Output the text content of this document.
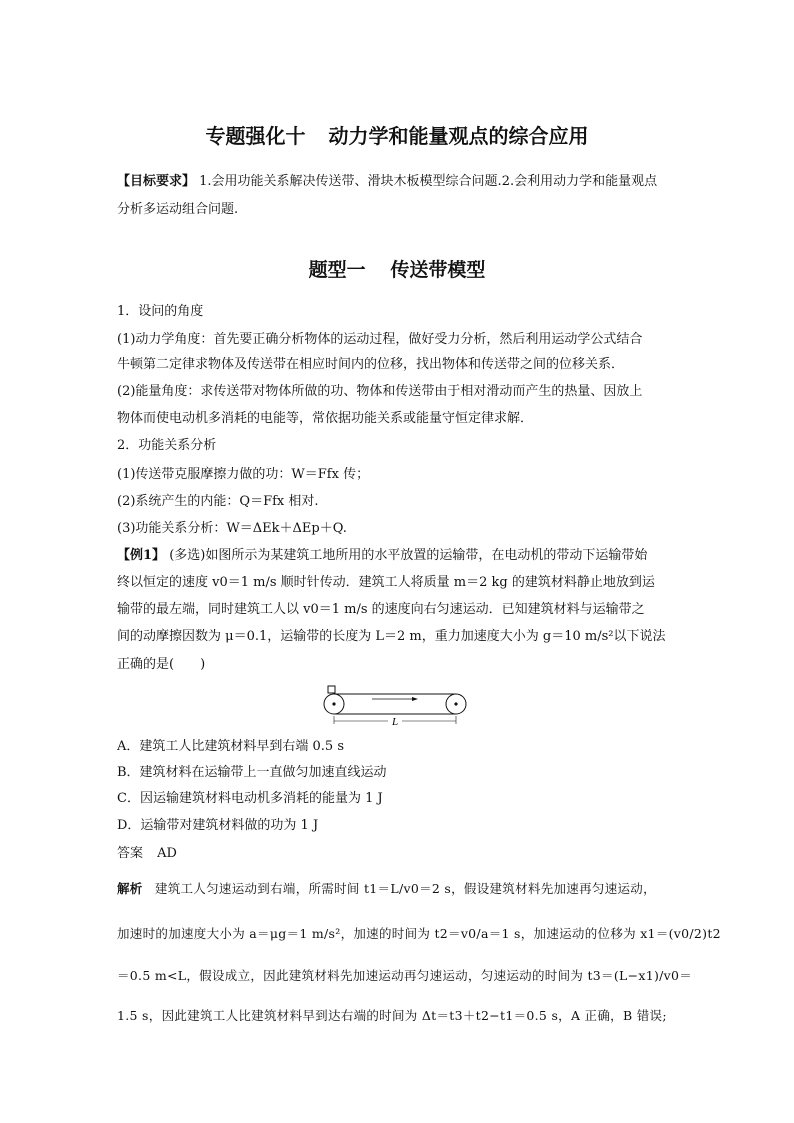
专题强化十 动力学和能量观点的综合应用
【目标要求】 1.会用功能关系解决传送带、滑块木板模型综合问题.2.会利用动力学和能量观点
分析多运动组合问题.
题型一 传送带模型
1．设问的角度
(1)动力学角度：首先要正确分析物体的运动过程，做好受力分析，然后利用运动学公式结合
牛顿第二定律求物体及传送带在相应时间内的位移，找出物体和传送带之间的位移关系．
(2)能量角度：求传送带对物体所做的功、物体和传送带由于相对滑动而产生的热量、因放上
物体而使电动机多消耗的电能等，常依据功能关系或能量守恒定律求解．
2．功能关系分析
(1)传送带克服摩擦力做的功：W＝Ffx 传；
(2)系统产生的内能：Q＝Ffx 相对.
(3)功能关系分析：W＝ΔEk＋ΔEp＋Q.
【例1】 (多选)如图所示为某建筑工地所用的水平放置的运输带，在电动机的带动下运输带始
终以恒定的速度 v0＝1 m/s 顺时针传动．建筑工人将质量 m＝2 kg 的建筑材料静止地放到运
输带的最左端，同时建筑工人以 v0＝1 m/s 的速度向右匀速运动．已知建筑材料与运输带之
间的动摩擦因数为 μ＝0.1，运输带的长度为 L＝2 m，重力加速度大小为 g＝10 m/s²以下说法
正确的是(　　)
L
A．建筑工人比建筑材料早到右端 0.5 s
B．建筑材料在运输带上一直做匀加速直线运动
C．因运输建筑材料电动机多消耗的能量为 1 J
D．运输带对建筑材料做的功为 1 J
答案 AD
解析 建筑工人匀速运动到右端，所需时间 t1＝L/v0＝2 s，假设建筑材料先加速再匀速运动，
加速时的加速度大小为 a＝μg＝1 m/s²，加速的时间为 t2＝v0/a＝1 s，加速运动的位移为 x1＝(v0/2)t2
＝0.5 m<L，假设成立，因此建筑材料先加速运动再匀速运动，匀速运动的时间为 t3＝(L−x1)/v0＝
1.5 s，因此建筑工人比建筑材料早到达右端的时间为 Δt＝t3＋t2−t1＝0.5 s，A 正确，B 错误;
